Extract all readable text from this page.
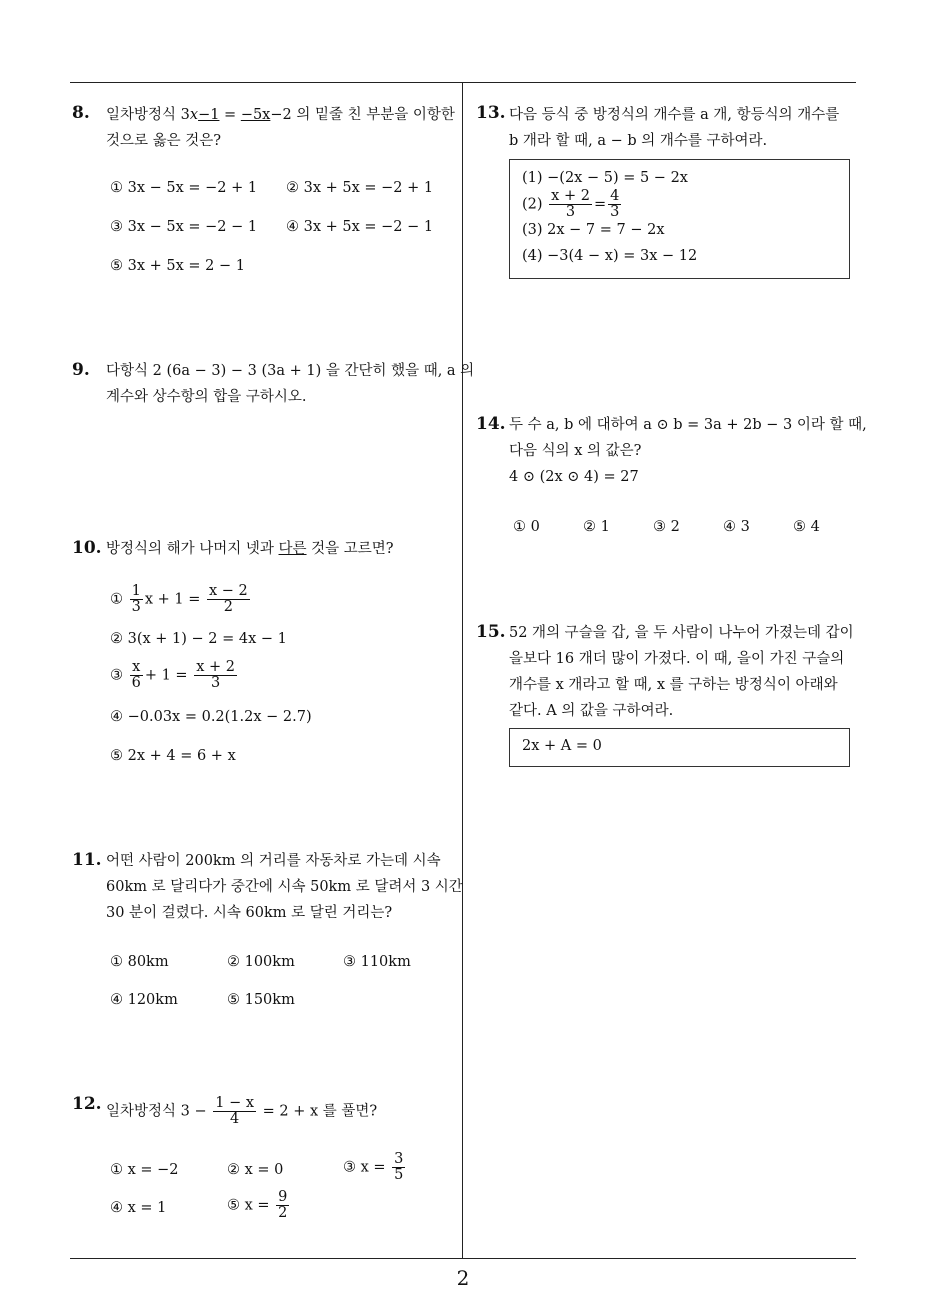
8. 일차방정식 3x−1 = −5x−2 의 밑줄 친 부분을 이항한
것으로 옳은 것은?
① 3x − 5x = −2 + 1 ② 3x + 5x = −2 + 1
③ 3x − 5x = −2 − 1 ④ 3x + 5x = −2 − 1
⑤ 3x + 5x = 2 − 1
9. 다항식 2 (6a − 3) − 3 (3a + 1) 을 간단히 했을 때, a 의
계수와 상수항의 합을 구하시오.
10. 방정식의 해가 나머지 넷과 다른 것을 고르면?
① $\frac{1}{3}$ $x + 1 = \frac{x - 2}{2}$
② 3(x + 1) − 2 = 4x − 1
③ $\frac{x}{6} + 1 = \frac{x + 2}{3}$
④ −0.03x = 0.2(1.2x − 2.7)
⑤ 2x + 4 = 6 + x
11. 어떤 사람이 200km 의 거리를 자동차로 가는데 시속
60km 로 달리다가 중간에 시속 50km 로 달려서 3 시간
30 분이 걸렸다. 시속 60km 로 달린 거리는?
① 80km	② 100km	③ 110km
④ 120km	⑤ 150km
12. 일차방정식 $3 - \frac{1 - x}{4} = 2 + x$ 를 풀면?
① x = −2	② x = 0	③ $x = \frac{3}{5}$
④ x = 1	⑤ $x = \frac{9}{2}$
13. 다음 등식 중 방정식의 개수를 a 개, 항등식의 개수를
b 개라 할 때, a − b 의 개수를 구하여라.
(1) −(2x − 5) = 5 − 2x
$(2) \frac{x + 2}{3} = \frac{4}{3}$
(3) 2x − 7 = 7 − 2x
(4) −3(4 − x) = 3x − 12
14. 두 수 a, b 에 대하여 a ⊙ b = 3a + 2b − 3 이라 할 때,
다음 식의 x 의 값은?
4 ⊙ (2x ⊙ 4) = 27
① 0	② 1	③ 2	④ 3	⑤ 4
15. 52 개의 구슬을 갑, 을 두 사람이 나누어 가졌는데 갑이
을보다 16 개더 많이 가졌다. 이 때, 을이 가진 구슬의
개수를 x 개라고 할 때, x 를 구하는 방정식이 아래와
같다. A 의 값을 구하여라.
2x + A = 0
2
